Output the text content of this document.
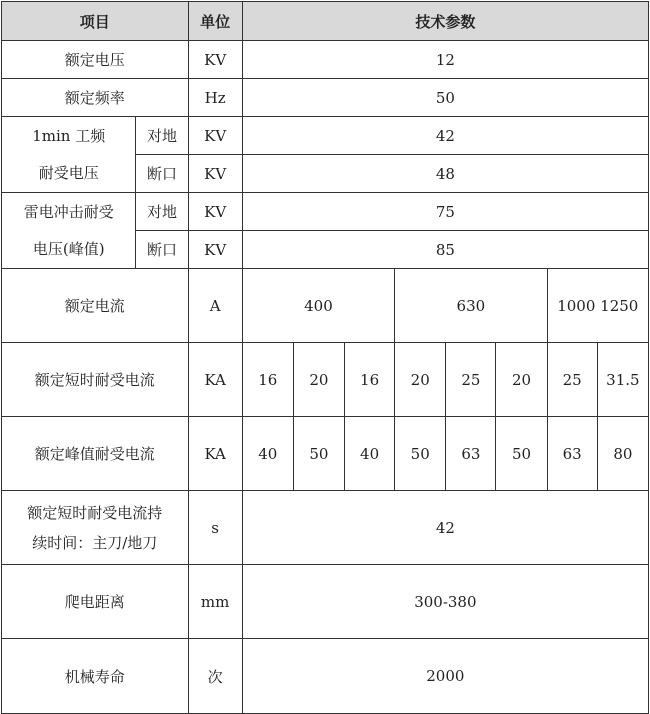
项目		单位	技术参数							
额定电压		KV	12							
额定频率		Hz	50							

1min 工频
耐受电压	对地	KV	42							
	断口	KV	48							

雷电冲击耐受
电压(峰值)	对地	KV	75							
	断口	KV	85							
额定电流		A	400			630			1000 1250	
额定短时耐受电流		KA	16	20	16	20	25	20	25	31.5
额定峰值耐受电流		KA	40	50	40	50	63	50	63	80

额定短时耐受电流持
续时间：主刀/地刀		s	42							
爬电距离		mm	300-380							
机械寿命		次	2000							
